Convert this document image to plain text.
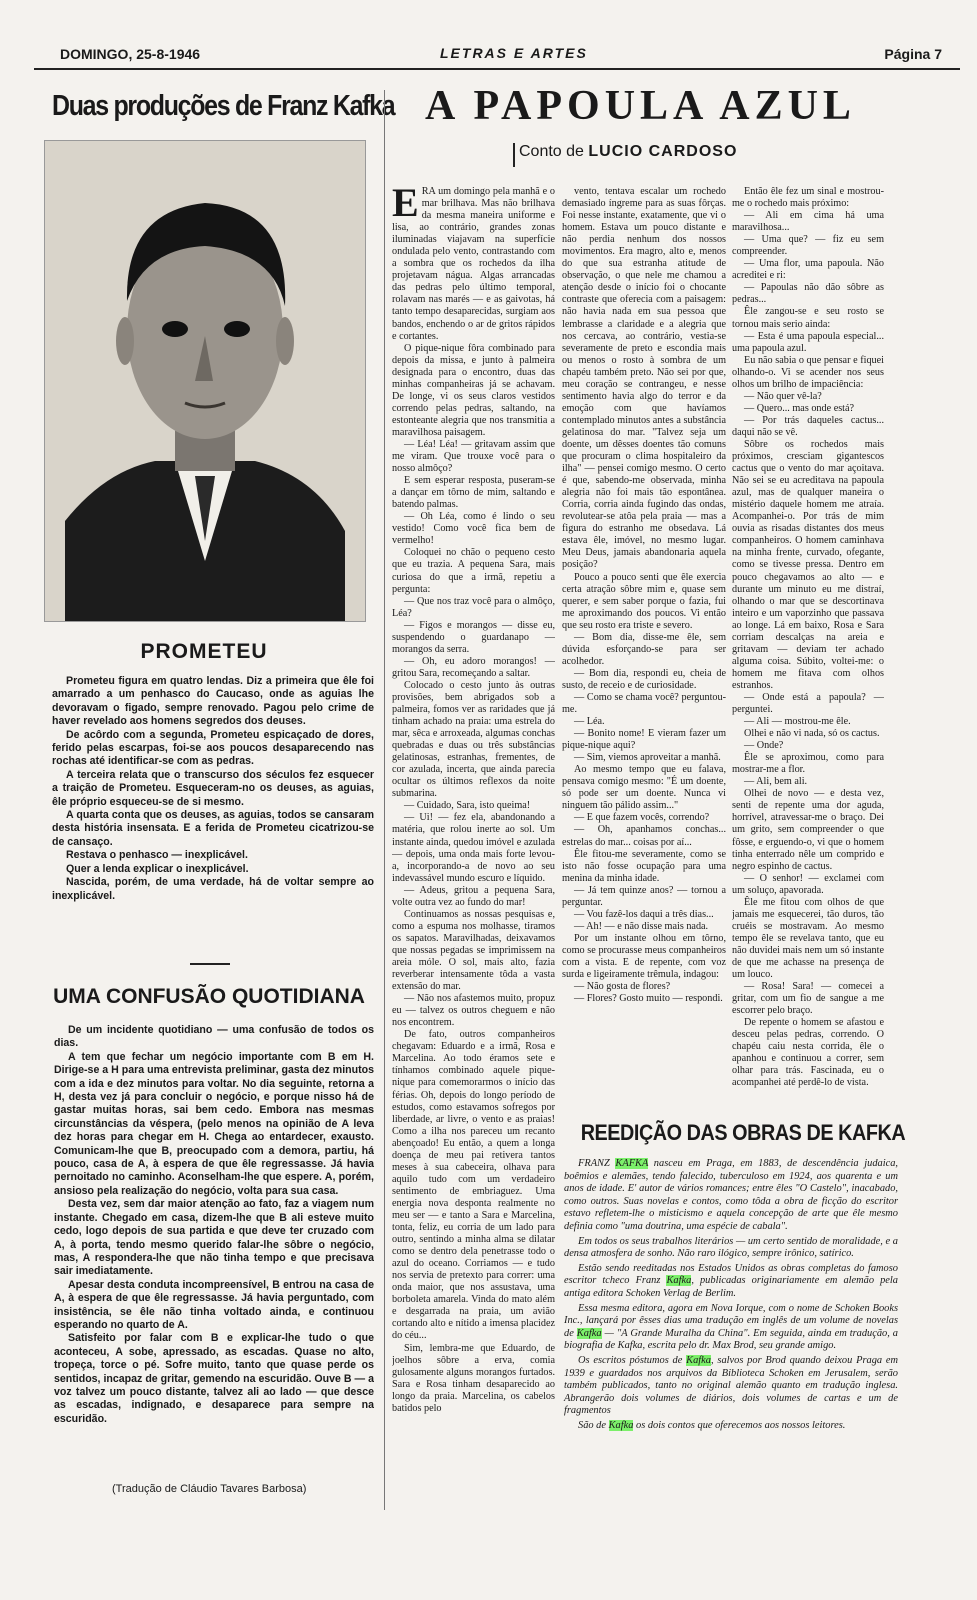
DOMINGO, 25-8-1946	LETRAS E ARTES	Página 7
Duas produções de Franz Kafka
PROMETEU

Prometeu figura em quatro lendas. Diz a primeira que êle foi amarrado a um penhasco do Caucaso, onde as aguias lhe devoravam o figado, sempre renovado. Pagou pelo crime de haver revelado aos homens segredos dos deuses.

De acôrdo com a segunda, Prometeu espicaçado de dores, ferido pelas escarpas, foi-se aos poucos desaparecendo nas rochas até identificar-se com as pedras.

A terceira relata que o transcurso dos séculos fez esquecer a traição de Prometeu. Esqueceram-no os deuses, as aguias, êle próprio esqueceu-se de si mesmo.

A quarta conta que os deuses, as aguias, todos se cansaram desta história insensata. E a ferida de Prometeu cicatrizou-se de cansaço.

Restava o penhasco — inexplicável.

Quer a lenda explicar o inexplicável.

Nascida, porém, de uma verdade, há de voltar sempre ao inexplicável.

UMA CONFUSÃO QUOTIDIANA

De um incidente quotidiano — uma confusão de todos os dias.

A tem que fechar um negócio importante com B em H. Dirige-se a H para uma entrevista preliminar, gasta dez minutos com a ida e dez minutos para voltar. No dia seguinte, retorna a H, desta vez já para concluir o negócio, e porque nisso há de gastar muitas horas, sai bem cedo. Embora nas mesmas circunstâncias da véspera, (pelo menos na opinião de A leva dez horas para chegar em H. Chega ao entardecer, exausto. Comunicam-lhe que B, preocupado com a demora, partiu, há pouco, casa de A, à espera de que êle regressasse. Já havia pernoitado no caminho. Aconselham-lhe que espere. A, porém, ansioso pela realização do negócio, volta para sua casa.

Desta vez, sem dar maior atenção ao fato, faz a viagem num instante. Chegado em casa, dizem-lhe que B ali esteve muito cedo, logo depois de sua partida e que deve ter cruzado com A, à porta, tendo mesmo querido falar-lhe sôbre o negócio, mas, A respondera-lhe que não tinha tempo e que precisava sair imediatamente.

Apesar desta conduta incompreensível, B entrou na casa de A, à espera de que êle regressasse. Já havia perguntado, com insistência, se êle não tinha voltado ainda, e continuou esperando no quarto de A.

Satisfeito por falar com B e explicar-lhe tudo o que aconteceu, A sobe, apressado, as escadas. Quase no alto, tropeça, torce o pé. Sofre muito, tanto que quase perde os sentidos, incapaz de gritar, gemendo na escuridão. Ouve B — a voz talvez um pouco distante, talvez ali ao lado — que desce as escadas, indignado, e desaparece para sempre na escuridão.

(Tradução de Cláudio Tavares Barbosa)
A PAPOULA AZUL
Conto de LUCIO CARDOSO

ERA um domingo pela manhã e o mar brilhava. Mas não brilhava da mesma maneira uniforme e lisa, ao contrário, grandes zonas iluminadas viajavam na superfície ondulada pelo vento, contrastando com a sombra que os rochedos da ilha projetavam nágua. Algas arrancadas das pedras pelo último temporal, rolavam nas marés — e as gaivotas, há tanto tempo desaparecidas, surgiam aos bandos, enchendo o ar de gritos rápidos e cortantes.

O pique-nique fôra combinado para depois da missa, e junto à palmeira designada para o encontro, duas das minhas companheiras já se achavam. De longe, vi os seus claros vestidos correndo pelas pedras, saltando, na estonteante alegria que nos transmitia a maravilhosa paisagem.

— Léa! Léa! — gritavam assim que me viram. Que trouxe você para o nosso almôço?

E sem esperar resposta, puseram-se a dançar em tôrno de mim, saltando e batendo palmas.

— Oh Léa, como é lindo o seu vestido! Como você fica bem de vermelho!

Coloquei no chão o pequeno cesto que eu trazia. A pequena Sara, mais curiosa do que a irmã, repetiu a pergunta:

— Que nos traz você para o almôço, Léa?

— Figos e morangos — disse eu, suspendendo o guardanapo — morangos da serra.

— Oh, eu adoro morangos! — gritou Sara, recomeçando a saltar.

Colocado o cesto junto às outras provisões, bem abrigados sob a palmeira, fomos ver as raridades que já tinham achado na praia: uma estrela do mar, sêca e arroxeada, algumas conchas quebradas e duas ou três substâncias gelatinosas, estranhas, frementes, de cor azulada, incerta, que ainda parecia ocultar os últimos reflexos da noite submarina.

— Cuidado, Sara, isto queima!

— Ui! — fez ela, abandonando a matéria, que rolou inerte ao sol. Um instante ainda, quedou imóvel e azulada — depois, uma onda mais forte levou-a, incorporando-a de novo ao seu indevassável mundo escuro e líquido.

— Adeus, gritou a pequena Sara, volte outra vez ao fundo do mar!

Continuamos as nossas pesquisas e, como a espuma nos molhasse, tiramos os sapatos. Maravilhadas, deixavamos que nossas pegadas se imprimissem na areia móle. O sol, mais alto, fazia reverberar intensamente tôda a vasta extensão do mar.

— Não nos afastemos muito, propuz eu — talvez os outros cheguem e não nos encontrem.

De fato, outros companheiros chegavam: Eduardo e a irmã, Rosa e Marcelina. Ao todo éramos sete e tínhamos combinado aquele pique-nique para comemorarmos o início das férias. Oh, depois do longo período de estudos, como estavamos sofregos por liberdade, ar livre, o vento e as praias! Como a ilha nos pareceu um recanto abençoado! Eu então, a quem a longa doença de meu pai retivera tantos meses à sua cabeceira, olhava para aquilo tudo com um verdadeiro sentimento de embriaguez. Uma energia nova desponta realmente no meu ser — e tanto a Sara e Marcelina, tonta, feliz, eu corria de um lado para outro, sentindo a minha alma se dilatar como se dentro dela penetrasse todo o azul do oceano. Corriamos — e tudo nos servia de pretexto para correr: uma onda maior, que nos assustava, uma borboleta amarela. Vinda do mato além e desgarrada na praia, um avião cortando alto e nítido a imensa placidez do céu...

Sim, lembra-me que Eduardo, de joelhos sôbre a erva, comia gulosamente alguns morangos furtados. Sara e Rosa tinham desaparecido ao longo da praia. Marcelina, os cabelos batidos pelo

vento, tentava escalar um rochedo demasiado íngreme para as suas fôrças. Foi nesse instante, exatamente, que vi o homem. Estava um pouco distante e não perdia nenhum dos nossos movimentos. Era magro, alto e, menos do que sua estranha atitude de observação, o que nele me chamou a atenção desde o início foi o chocante contraste que oferecia com a paisagem: não havia nada em sua pessoa que lembrasse a claridade e a alegria que nos cercava, ao contrário, vestia-se severamente de preto e escondia mais ou menos o rosto à sombra de um chapéu também preto. Não sei por que, meu coração se contrangeu, e nesse sentimento havia algo do terror e da emoção com que havíamos contemplado minutos antes a substância gelatinosa do mar. "Talvez seja um doente, um dêsses doentes tão comuns que procuram o clima hospitaleiro da ilha" — pensei comigo mesmo. O certo é que, sabendo-me observada, minha alegria não foi mais tão espontânea. Corria, corria ainda fugindo das ondas, revolutear-se atôa pela praia — mas a figura do estranho me obsedava. Lá estava êle, imóvel, no mesmo lugar. Meu Deus, jamais abandonaria aquela posição?

Pouco a pouco senti que êle exercia certa atração sôbre mim e, quase sem querer, e sem saber porque o fazia, fui me aproximando dos poucos. Vi então que seu rosto era triste e severo.

— Bom dia, disse-me êle, sem dúvida esforçando-se para ser acolhedor.

— Bom dia, respondi eu, cheia de susto, de receio e de curiosidade.

— Como se chama você? perguntou-me.

— Léa.

— Bonito nome! E vieram fazer um pique-nique aqui?

— Sim, viemos aproveitar a manhã.

Ao mesmo tempo que eu falava, pensava comigo mesmo: "É um doente, só pode ser um doente. Nunca vi ninguem tão pálido assim..."

— E que fazem vocês, correndo?

— Oh, apanhamos conchas... estrelas do mar... coisas por aí...

Êle fitou-me severamente, como se isto não fosse ocupação para uma menina da minha idade.

— Já tem quinze anos? — tornou a perguntar.

— Vou fazê-los daqui a três dias...

— Ah! — e não disse mais nada.

Por um instante olhou em tôrno, como se procurasse meus companheiros com a vista. E de repente, com voz surda e ligeiramente trêmula, indagou:

— Não gosta de flores?

— Flores? Gosto muito — respondi.

Então êle fez um sinal e mostrou-me o rochedo mais próximo:

— Ali em cima há uma maravilhosa...

— Uma que? — fiz eu sem compreender.

— Uma flor, uma papoula. Não acreditei e ri:

— Papoulas não dão sôbre as pedras...

Êle zangou-se e seu rosto se tornou mais serio ainda:

— Esta é uma papoula especial... uma papoula azul.

Eu não sabia o que pensar e fiquei olhando-o. Vi se acender nos seus olhos um brilho de impaciência:

— Não quer vê-la?

— Quero... mas onde está?

— Por trás daqueles cactus... daqui não se vê.

Sôbre os rochedos mais próximos, cresciam gigantescos cactus que o vento do mar açoitava. Não sei se eu acreditava na papoula azul, mas de qualquer maneira o mistério daquele homem me atraía. Acompanhei-o. Por trás de mim ouvia as risadas distantes dos meus companheiros. O homem caminhava na minha frente, curvado, ofegante, como se tivesse pressa. Dentro em pouco chegavamos ao alto — e durante um minuto eu me distraí, olhando o mar que se descortinava inteiro e um vaporzinho que passava ao longe. Lá em baixo, Rosa e Sara corriam descalças na areia e gritavam — deviam ter achado alguma coisa. Súbito, voltei-me: o homem me fitava com olhos estranhos.

— Onde está a papoula? — perguntei.

— Ali — mostrou-me êle.

Olhei e não vi nada, só os cactus.

— Onde?

Êle se aproximou, como para mostrar-me a flor.

— Ali, bem ali.

Olhei de novo — e desta vez, senti de repente uma dor aguda, horrível, atravessar-me o braço. Dei um grito, sem compreender o que fôsse, e erguendo-o, vi que o homem tinha enterrado nêle um comprido e negro espinho de cactus.

— O senhor! — exclamei com um soluço, apavorada.

Êle me fitou com olhos de que jamais me esquecerei, tão duros, tão cruéis se mostravam. Ao mesmo tempo êle se revelava tanto, que eu não duvidei mais nem um só instante de que me achasse na presença de um louco.

— Rosa! Sara! — comecei a gritar, com um fio de sangue a me escorrer pelo braço.

De repente o homem se afastou e desceu pelas pedras, correndo. O chapéu caiu nesta corrida, êle o apanhou e continuou a correr, sem olhar para trás. Fascinada, eu o acompanhei até perdê-lo de vista.

REEDIÇÃO DAS OBRAS DE KAFKA

FRANZ KAFKA nasceu em Praga, em 1883, de descendência judaica, boêmios e alemães, tendo falecido, tuberculoso em 1924, aos quarenta e um anos de idade. E' autor de vários romances; entre êles "O Castelo", inacabado, como outros. Suas novelas e contos, como tôda a obra de ficção do escritor estavo refletem-lhe o misticismo e aquela concepção de arte que êle mesmo definia como "uma doutrina, uma espécie de cabala".

Em todos os seus trabalhos literários — um certo sentido de moralidade, e a densa atmosfera de sonho. Não raro ilógico, sempre irônico, satírico.

Estão sendo reeditadas nos Estados Unidos as obras completas do famoso escritor tcheco Franz Kafka, publicadas originariamente em alemão pela antiga editora Schoken Verlag de Berlim.

Essa mesma editora, agora em Nova Iorque, com o nome de Schoken Books Inc., lançará por êsses dias uma tradução em inglês de um volume de novelas de Kafka — "A Grande Muralha da China". Em seguida, ainda em tradução, a biografia de Kafka, escrita pelo dr. Max Brod, seu grande amigo.

Os escritos póstumos de Kafka, salvos por Brod quando deixou Praga em 1939 e guardados nos arquivos da Biblioteca Schoken em Jerusalem, serão também publicados, tanto no original alemão quanto em tradução inglesa. Abrangerão dois volumes de diários, dois volumes de cartas e um de fragmentos

São de Kafka os dois contos que oferecemos aos nossos leitores.
